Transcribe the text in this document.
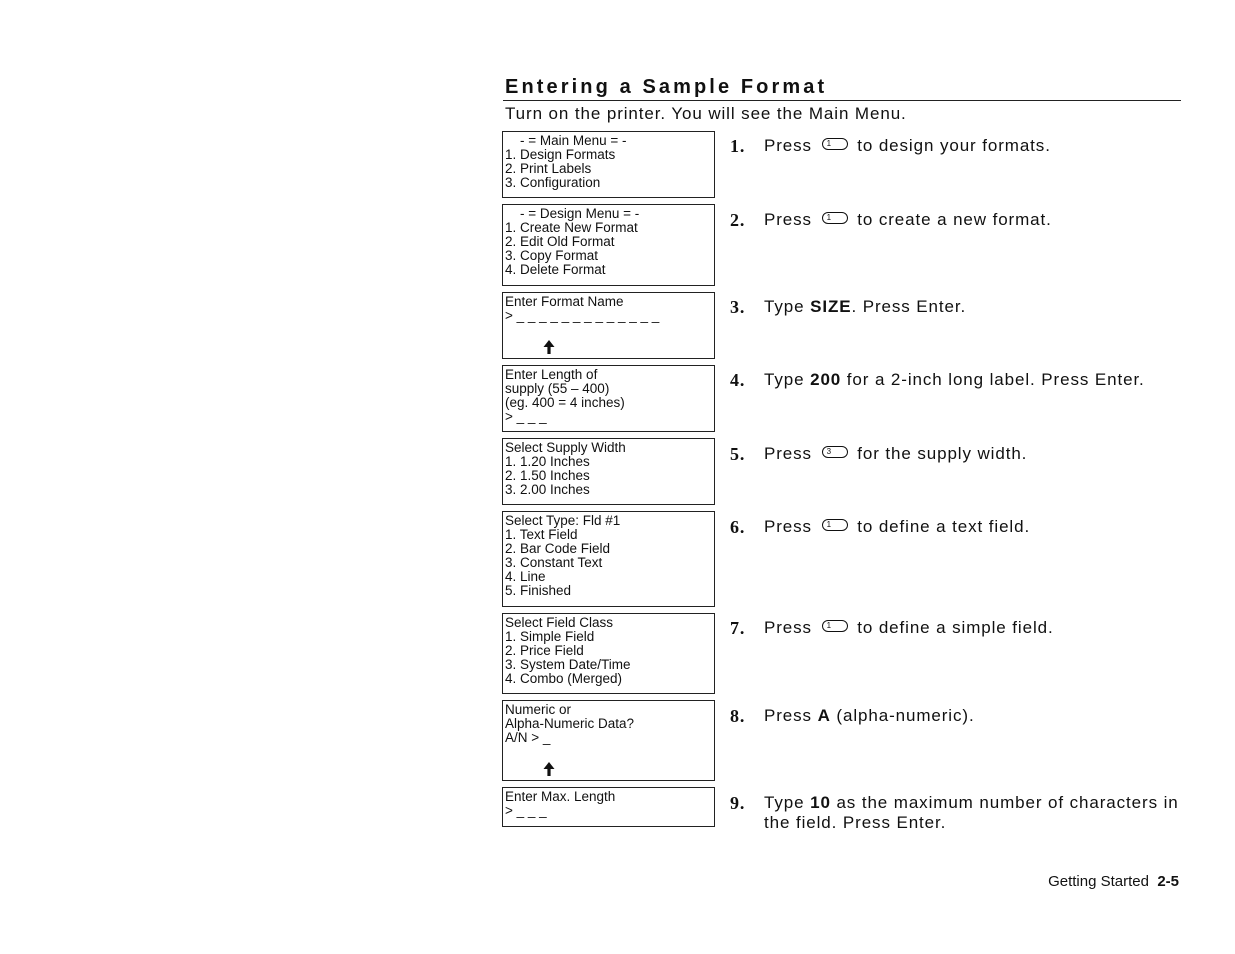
Entering a Sample Format
Turn on the printer. You will see the Main Menu.
- = Main Menu = -
1. Design Formats
2. Print Labels
3. Configuration
- = Design Menu = -
1. Create New Format
2. Edit Old Format
3. Copy Format
4. Delete Format
Enter Format Name
> _ _ _ _ _ _ _ _ _ _ _ _ _
Enter Length of
supply (55 – 400)
(eg. 400 = 4 inches)
> _ _ _
Select Supply Width
1. 1.20 Inches
2. 1.50 Inches
3. 2.00 Inches
Select Type: Fld #1
1. Text Field
2. Bar Code Field
3. Constant Text
4. Line
5. Finished
Select Field Class
1. Simple Field
2. Price Field
3. System Date/Time
4. Combo (Merged)
Numeric or
Alpha-Numeric Data?
A/N > _
Enter Max. Length
> _ _ _
1. Press 1 to design your formats.
2. Press 1 to create a new format.
3. Type SIZE. Press Enter.
4. Type 200 for a 2-inch long label. Press Enter.
5. Press 3 for the supply width.
6. Press 1 to define a text field.
7. Press 1 to define a simple field.
8. Press A (alpha-numeric).
9. Type 10 as the maximum number of characters in the field. Press Enter.
Getting Started 2-5
